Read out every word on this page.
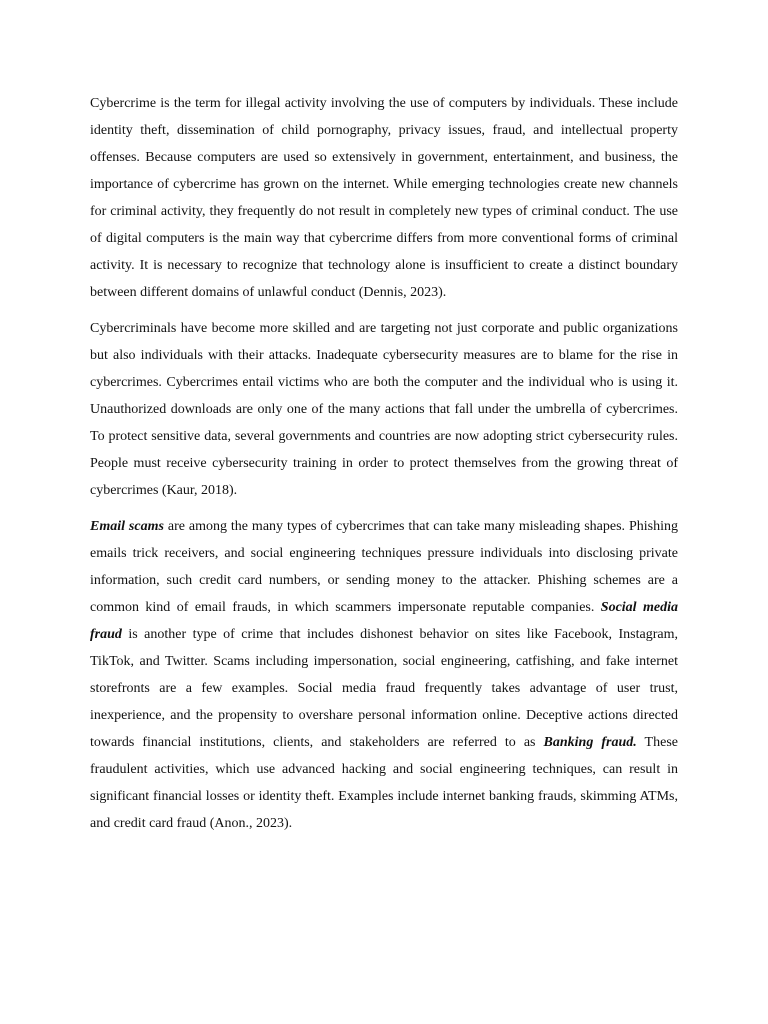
Cybercrime is the term for illegal activity involving the use of computers by individuals. These include identity theft, dissemination of child pornography, privacy issues, fraud, and intellectual property offenses. Because computers are used so extensively in government, entertainment, and business, the importance of cybercrime has grown on the internet. While emerging technologies create new channels for criminal activity, they frequently do not result in completely new types of criminal conduct. The use of digital computers is the main way that cybercrime differs from more conventional forms of criminal activity. It is necessary to recognize that technology alone is insufficient to create a distinct boundary between different domains of unlawful conduct (Dennis, 2023).

Cybercriminals have become more skilled and are targeting not just corporate and public organizations but also individuals with their attacks. Inadequate cybersecurity measures are to blame for the rise in cybercrimes. Cybercrimes entail victims who are both the computer and the individual who is using it. Unauthorized downloads are only one of the many actions that fall under the umbrella of cybercrimes. To protect sensitive data, several governments and countries are now adopting strict cybersecurity rules. People must receive cybersecurity training in order to protect themselves from the growing threat of cybercrimes (Kaur, 2018).

Email scams are among the many types of cybercrimes that can take many misleading shapes. Phishing emails trick receivers, and social engineering techniques pressure individuals into disclosing private information, such credit card numbers, or sending money to the attacker. Phishing schemes are a common kind of email frauds, in which scammers impersonate reputable companies. Social media fraud is another type of crime that includes dishonest behavior on sites like Facebook, Instagram, TikTok, and Twitter. Scams including impersonation, social engineering, catfishing, and fake internet storefronts are a few examples. Social media fraud frequently takes advantage of user trust, inexperience, and the propensity to overshare personal information online. Deceptive actions directed towards financial institutions, clients, and stakeholders are referred to as Banking fraud. These fraudulent activities, which use advanced hacking and social engineering techniques, can result in significant financial losses or identity theft. Examples include internet banking frauds, skimming ATMs, and credit card fraud (Anon., 2023).
